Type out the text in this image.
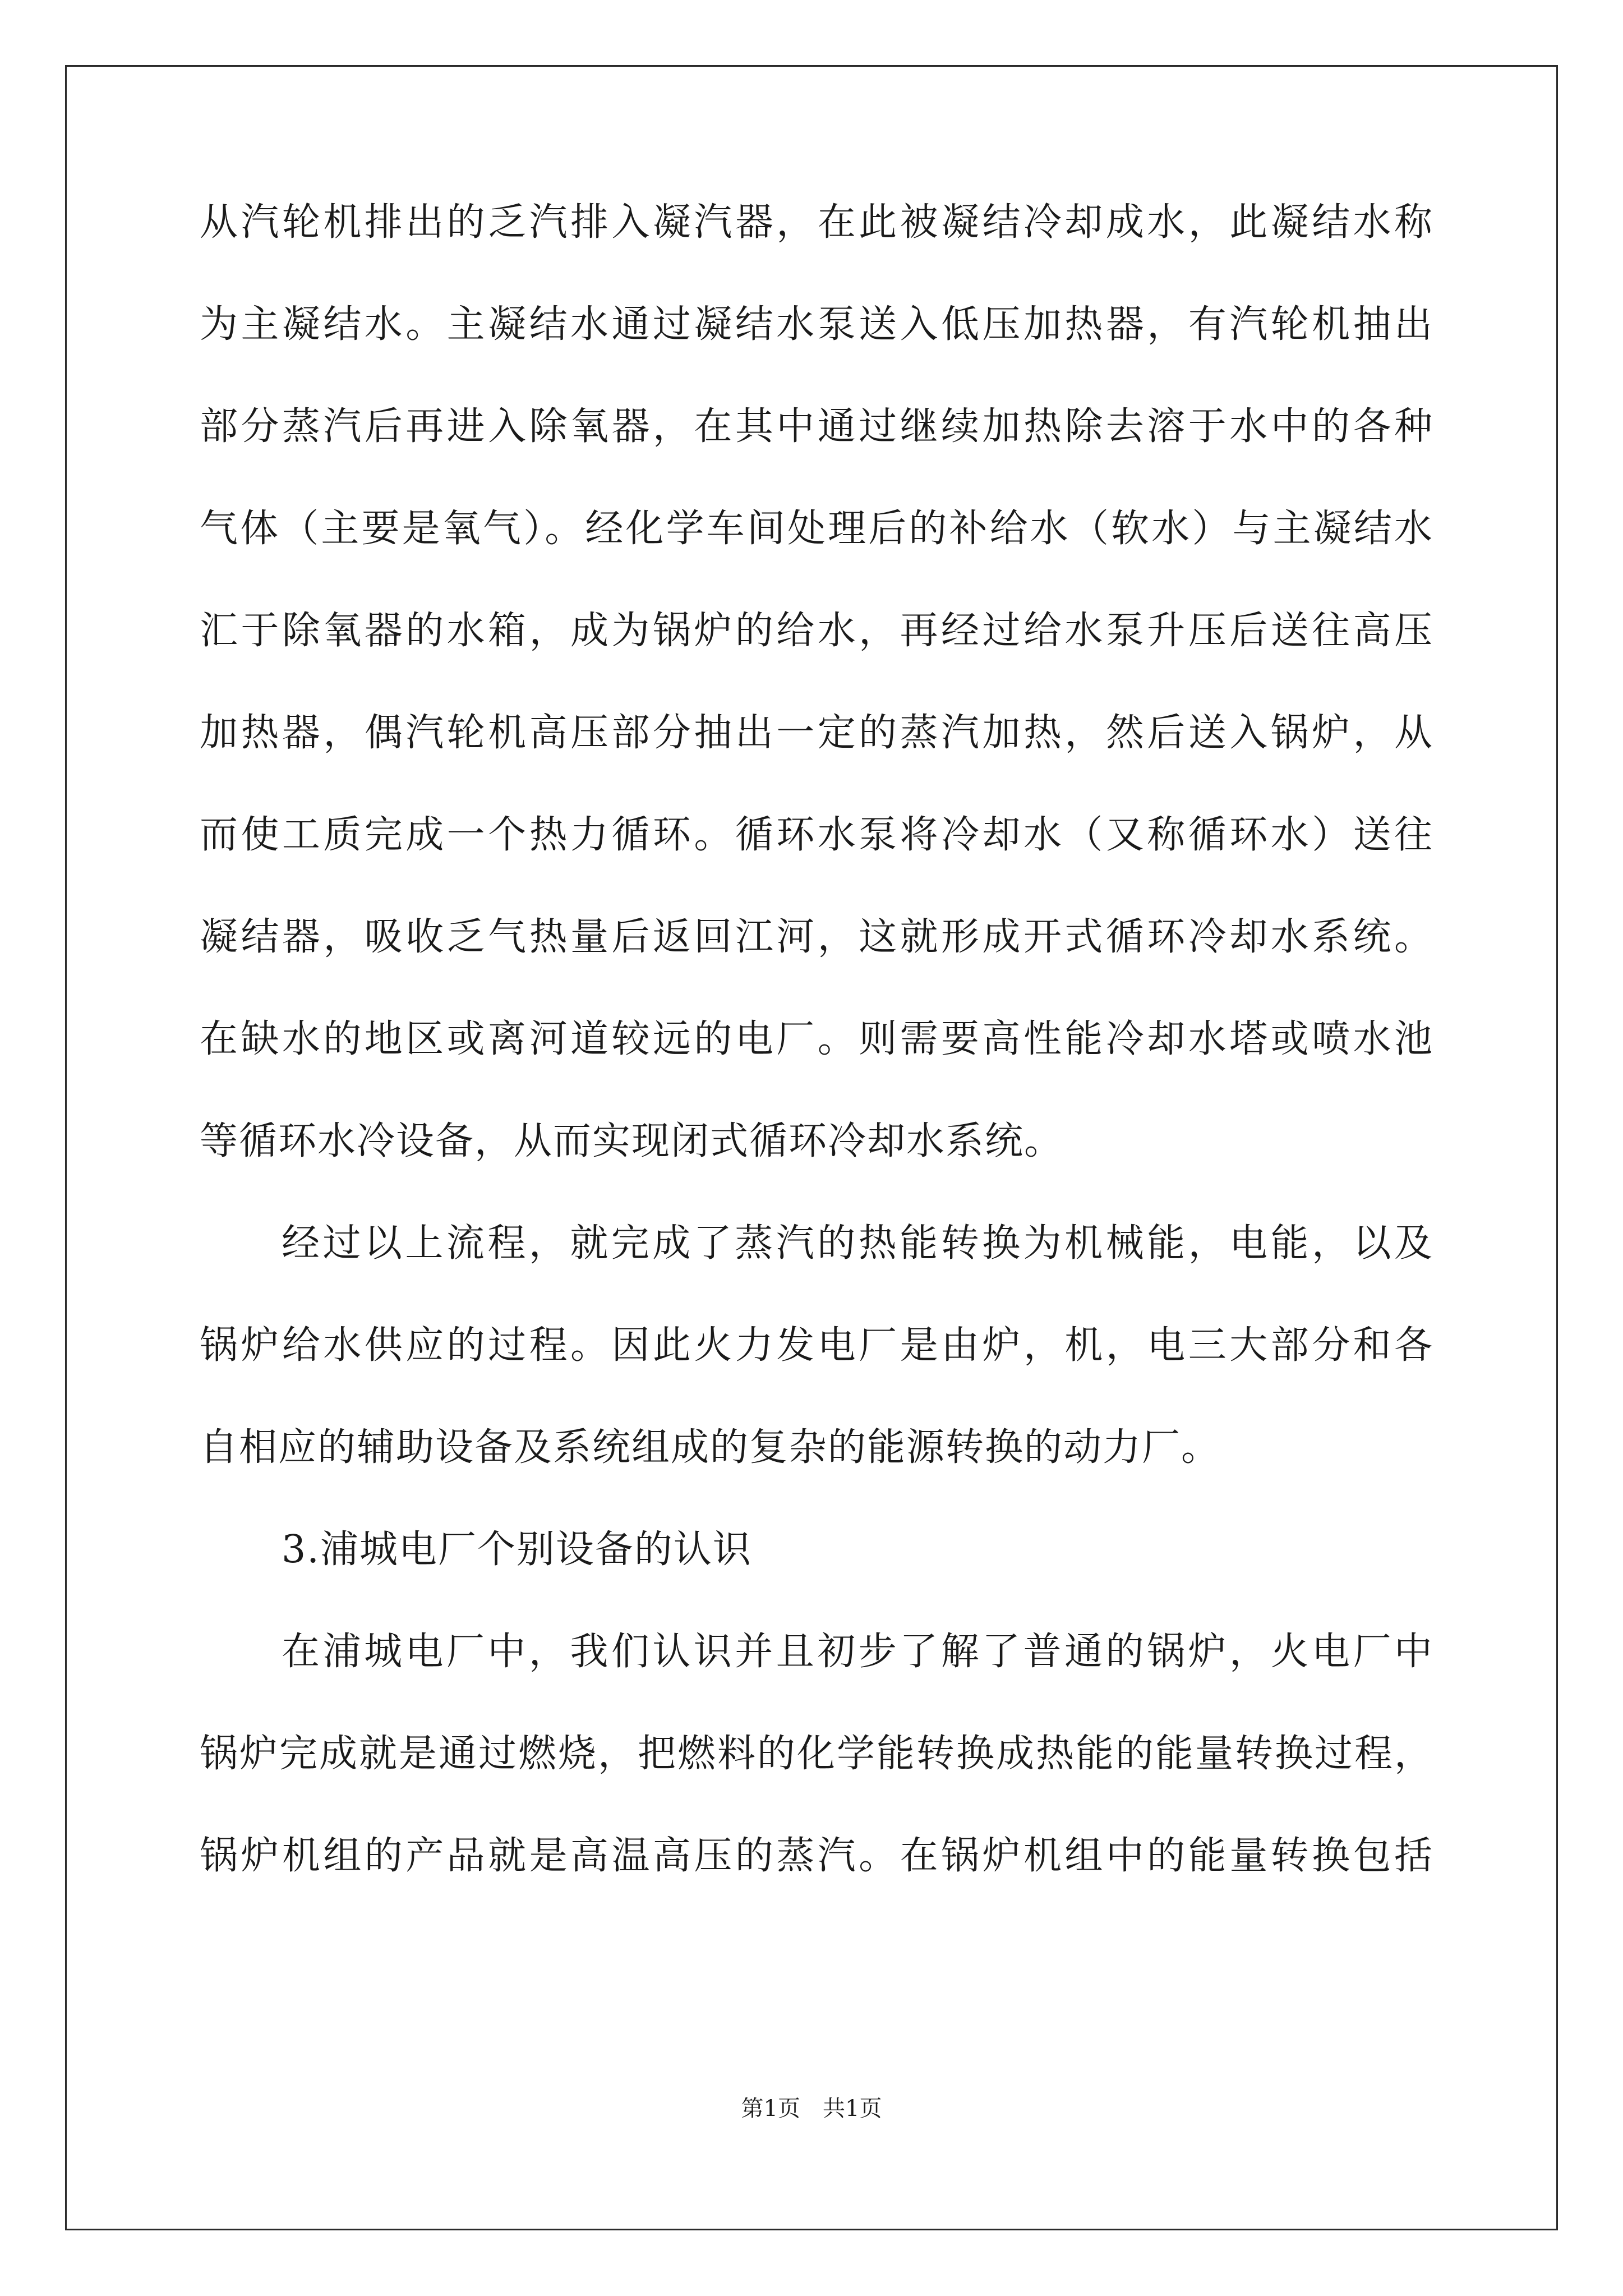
从汽轮机排出的乏汽排入凝汽器，在此被凝结冷却成水，此凝结水称

为主凝结水。主凝结水通过凝结水泵送入低压加热器，有汽轮机抽出

部分蒸汽后再进入除氧器，在其中通过继续加热除去溶于水中的各种

气体（主要是氧气）。经化学车间处理后的补给水（软水）与主凝结水

汇于除氧器的水箱，成为锅炉的给水，再经过给水泵升压后送往高压

加热器，偶汽轮机高压部分抽出一定的蒸汽加热，然后送入锅炉，从

而使工质完成一个热力循环。循环水泵将冷却水（又称循环水）送往

凝结器，吸收乏气热量后返回江河，这就形成开式循环冷却水系统。

在缺水的地区或离河道较远的电厂。则需要高性能冷却水塔或喷水池

等循环水冷设备，从而实现闭式循环冷却水系统。

经过以上流程，就完成了蒸汽的热能转换为机械能，电能，以及

锅炉给水供应的过程。因此火力发电厂是由炉，机，电三大部分和各

自相应的辅助设备及系统组成的复杂的能源转换的动力厂。

3.浦城电厂个别设备的认识

在浦城电厂中，我们认识并且初步了解了普通的锅炉，火电厂中

锅炉完成就是通过燃烧，把燃料的化学能转换成热能的能量转换过程，

锅炉机组的产品就是高温高压的蒸汽。在锅炉机组中的能量转换包括

第1页　共1页
